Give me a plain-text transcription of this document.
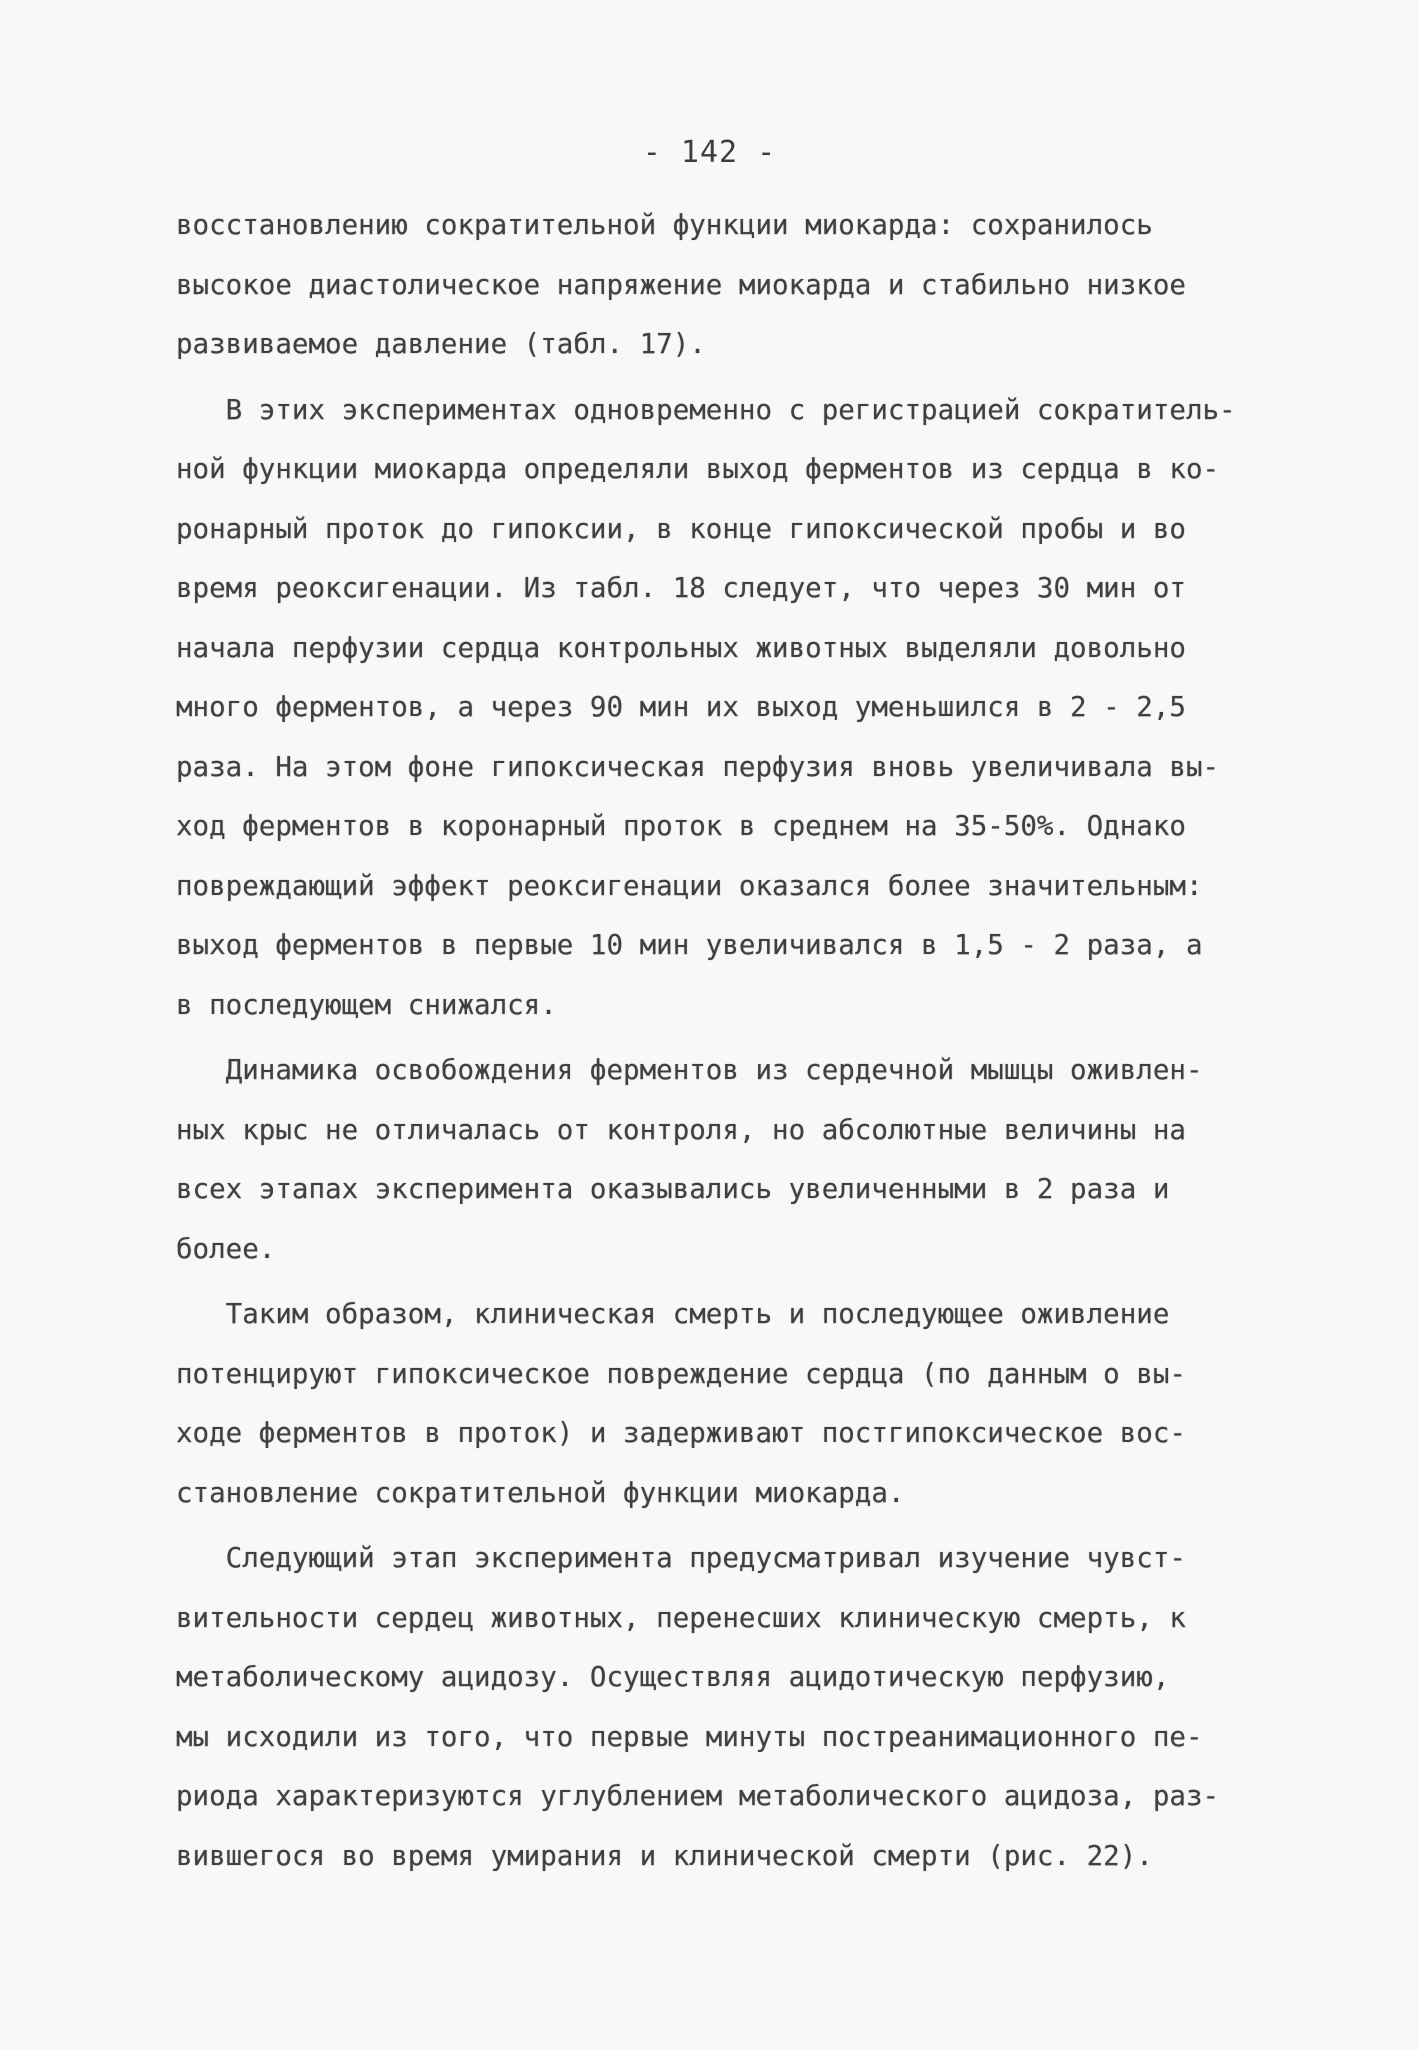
- 142 -
восстановлению сократительной функции миокарда: сохранилось
высокое диастолическое напряжение миокарда и стабильно низкое
развиваемое давление (табл. 17).
В этих экспериментах одновременно с регистрацией сократитель-
ной функции миокарда определяли выход ферментов из сердца в ко-
ронарный проток до гипоксии, в конце гипоксической пробы и во
время реоксигенации. Из табл. 18 следует, что через 30 мин от
начала перфузии сердца контрольных животных выделяли довольно
много ферментов, а через 90 мин их выход уменьшился в 2 - 2,5
раза. На этом фоне гипоксическая перфузия вновь увеличивала вы-
ход ферментов в коронарный проток в среднем на 35-50%. Однако
повреждающий эффект реоксигенации оказался более значительным:
выход ферментов в первые 10 мин увеличивался в 1,5 - 2 раза, а
в последующем снижался.
Динамика освобождения ферментов из сердечной мышцы оживлен-
ных крыс не отличалась от контроля, но абсолютные величины на
всех этапах эксперимента оказывались увеличенными в 2 раза и
более.
Таким образом, клиническая смерть и последующее оживление
потенцируют гипоксическое повреждение сердца (по данным о вы-
ходе ферментов в проток) и задерживают постгипоксическое вос-
становление сократительной функции миокарда.
Следующий этап эксперимента предусматривал изучение чувст-
вительности сердец животных, перенесших клиническую смерть, к
метаболическому ацидозу. Осуществляя ацидотическую перфузию,
мы исходили из того, что первые минуты постреанимационного пе-
риода характеризуются углублением метаболического ацидоза, раз-
вившегося во время умирания и клинической смерти (рис. 22).
